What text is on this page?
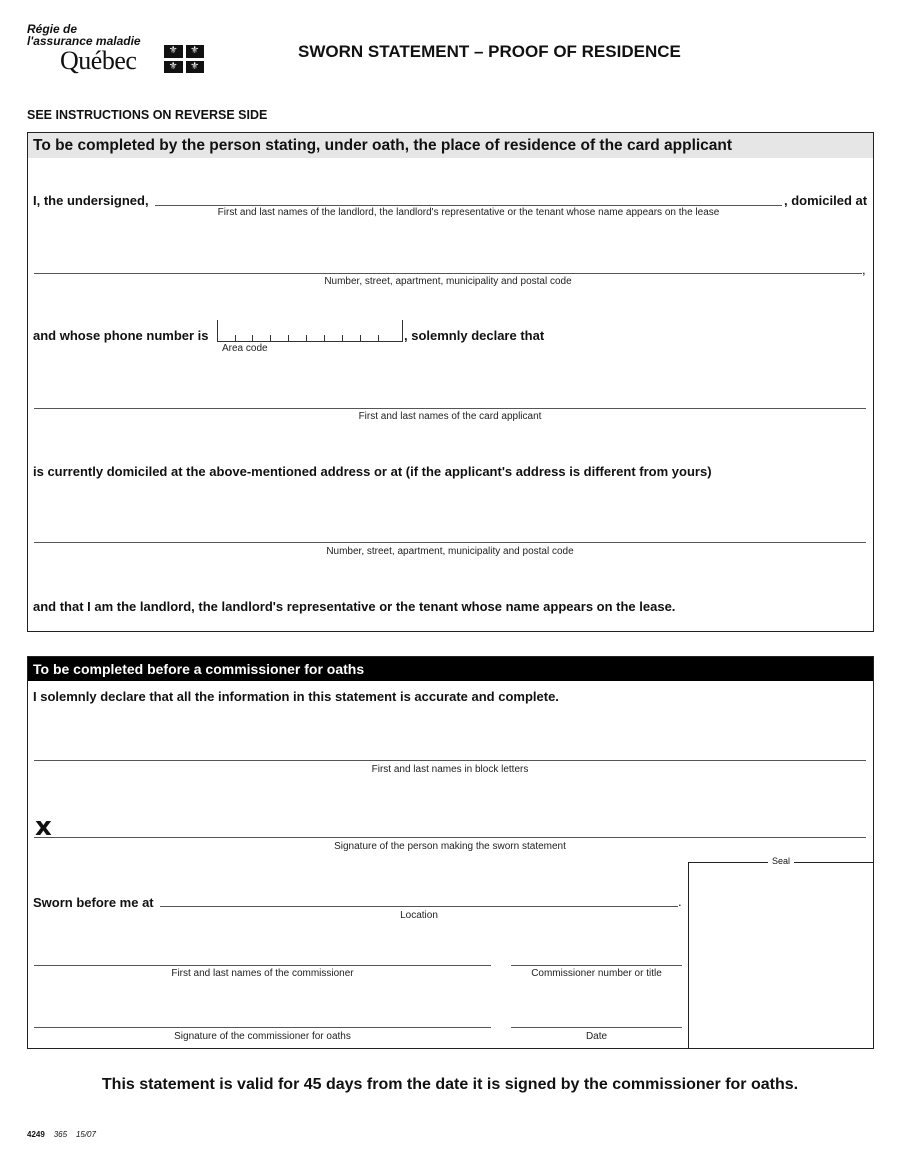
Régie de
l'assurance maladie
Québec	⚜	⚜
⚜	⚜
SWORN STATEMENT – PROOF OF RESIDENCE
SEE INSTRUCTIONS ON REVERSE SIDE
To be completed by the person stating, under oath, the place of residence of the card applicant
I, the undersigned,	, domiciled at
First and last names of the landlord, the landlord's representative or the tenant whose name appears on the lease
,
Number, street, apartment, municipality and postal code
and whose phone number is	, solemnly declare that
Area code
First and last names of the card applicant
is currently domiciled at the above-mentioned address or at (if the applicant's address is different from yours)
Number, street, apartment, municipality and postal code
and that I am the landlord, the landlord's representative or the tenant whose name appears on the lease.
To be completed before a commissioner for oaths
I solemnly declare that all the information in this statement is accurate and complete.
First and last names in block letters
x
Signature of the person making the sworn statement
Seal
Sworn before me at	.
Location
First and last names of the commissioner	Commissioner number or title
Signature of the commissioner for oaths	Date
This statement is valid for 45 days from the date it is signed by the commissioner for oaths.
4249 365 15/07
